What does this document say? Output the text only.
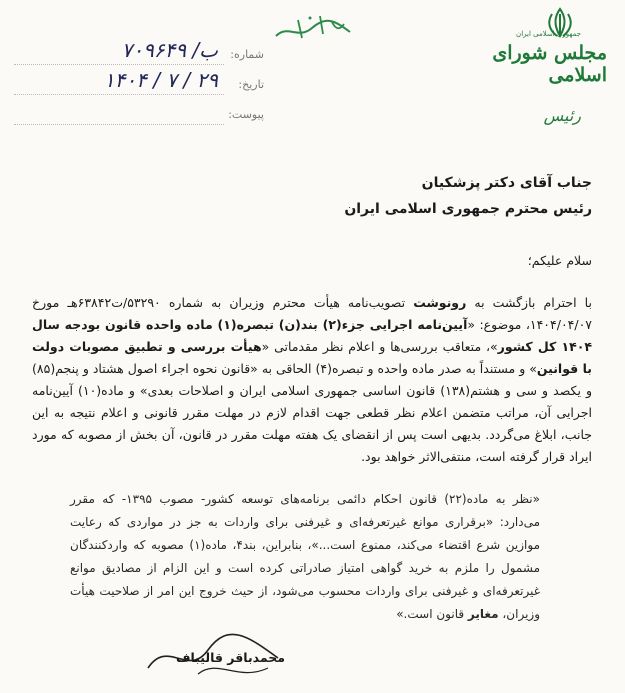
جمهوری اسلامی ایران
مجلس شورای اسلامی
رئیس
۷۰۹۶۴۹ /ب شماره:
۱۴۰۴ / ۷ / ۲۹ تاریخ:
پیوست:
جناب آقای دکتر پزشکیان
رئیس محترم جمهوری اسلامی ایران
سلام علیکم؛
با احترام بازگشت به رونوشت تصویب‌نامه هیأت محترم وزیران به شماره ۵۳۲۹۰/ت۶۳۸۴۲هـ مورخ ۱۴۰۴/۰۴/۰۷، موضوع: «آیین‌نامه اجرایی جزء(۲) بند(ن) تبصره(۱) ماده واحده قانون بودجه سال ۱۴۰۴ کل کشور»، متعاقب بررسی‌ها و اعلام نظر مقدماتی «هیأت بررسی و تطبیق مصوبات دولت با قوانین» و مستنداً به صدر ماده واحده و تبصره(۴) الحاقی به «قانون نحوه اجراء اصول هشتاد و پنجم(۸۵) و یکصد و سی و هشتم(۱۳۸) قانون اساسی جمهوری اسلامی ایران و اصلاحات بعدی» و ماده(۱۰) آیین‌نامه اجرایی آن، مراتب متضمن اعلام نظر قطعی جهت اقدام لازم در مهلت مقرر قانونی و اعلام نتیجه به این جانب، ابلاغ می‌گردد. بدیهی است پس از انقضای یک هفته مهلت مقرر در قانون، آن بخش از مصوبه که مورد ایراد قرار گرفته است، منتفی‌الاثر خواهد بود.
«نظر به ماده(۲۲) قانون احکام دائمی برنامه‌های توسعه کشور- مصوب ۱۳۹۵- که مقرر می‌دارد: «برقراری موانع غیرتعرفه‌ای و غیرفنی برای واردات به جز در مواردی که رعایت موازین شرع اقتضاء می‌کند، ممنوع است...»، بنابراین، بند۴، ماده(۱) مصوبه که واردکنندگان مشمول را ملزم به خرید گواهی امتیاز صادراتی کرده است و این الزام از مصادیق موانع غیرتعرفه‌ای و غیرفنی برای واردات محسوب می‌شود، از حیث خروج این امر از صلاحیت هیأت وزیران، مغایر قانون است.»
محمدباقر قالیباف
